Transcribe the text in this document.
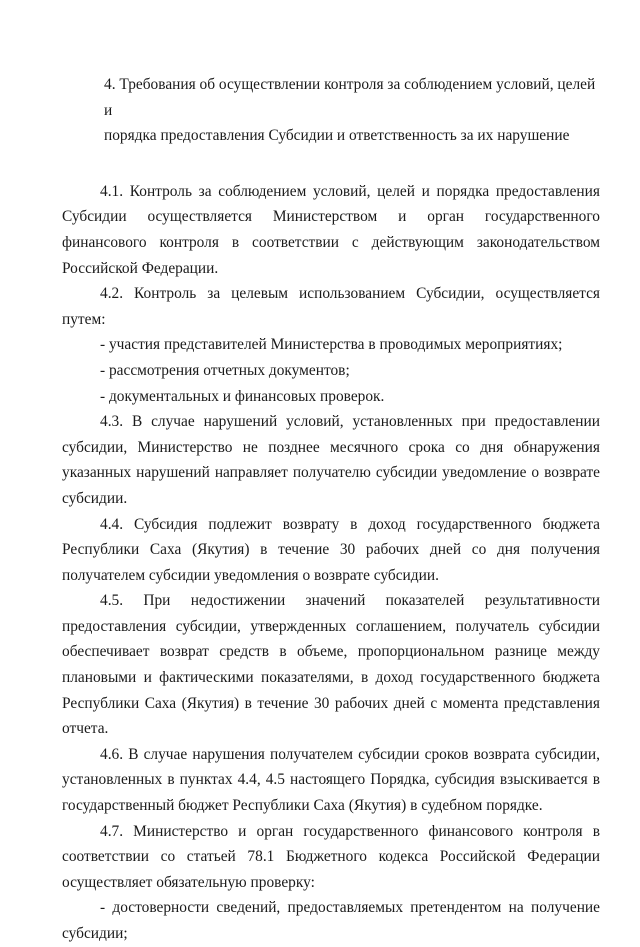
4. Требования об осуществлении контроля за соблюдением условий, целей и

порядка предоставления Субсидии и ответственность за их нарушение

4.1. Контроль за соблюдением условий, целей и порядка предоставления Субсидии осуществляется Министерством и орган государственного финансового контроля в соответствии с действующим законодательством Российской Федерации.

4.2. Контроль за целевым использованием Субсидии, осуществляется путем:

- участия представителей Министерства в проводимых мероприятиях;

- рассмотрения отчетных документов;

- документальных и финансовых проверок.

4.3. В случае нарушений условий, установленных при предоставлении субсидии, Министерство не позднее месячного срока со дня обнаружения указанных нарушений направляет получателю субсидии уведомление о возврате субсидии.

4.4. Субсидия подлежит возврату в доход государственного бюджета Республики Саха (Якутия) в течение 30 рабочих дней со дня получения получателем субсидии уведомления о возврате субсидии.

4.5. При недостижении значений показателей результативности предоставления субсидии, утвержденных соглашением, получатель субсидии обеспечивает возврат средств в объеме, пропорциональном разнице между плановыми и фактическими показателями, в доход государственного бюджета Республики Саха (Якутия) в течение 30 рабочих дней с момента представления отчета.

4.6. В случае нарушения получателем субсидии сроков возврата субсидии, установленных в пунктах 4.4, 4.5 настоящего Порядка, субсидия взыскивается в государственный бюджет Республики Саха (Якутия) в судебном порядке.

4.7. Министерство и орган государственного финансового контроля в соответствии со статьей 78.1 Бюджетного кодекса Российской Федерации осуществляет обязательную проверку:

- достоверности сведений, предоставляемых претендентом на получение субсидии;
